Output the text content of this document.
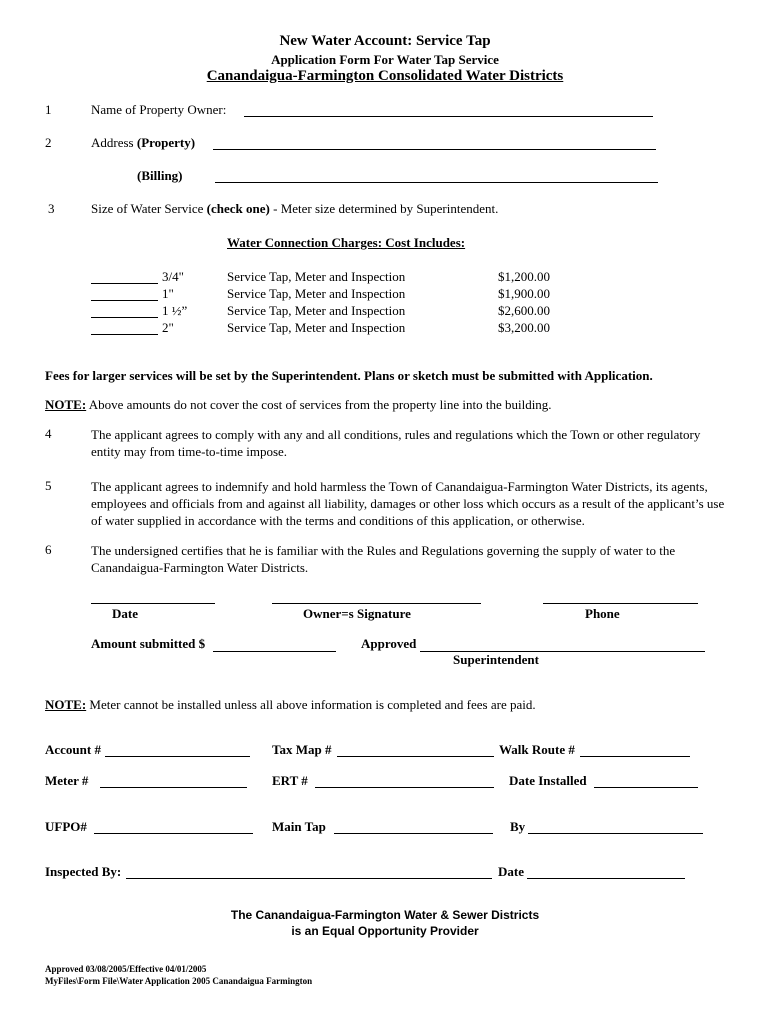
New Water Account: Service Tap
Application Form For Water Tap Service
Canandaigua-Farmington Consolidated Water Districts
1	Name of Property Owner:
2	Address (Property)
(Billing)
3	Size of Water Service (check one) - Meter size determined by Superintendent.
Water Connection Charges: Cost Includes:
3/4"	Service Tap, Meter and Inspection	$1,200.00
1"	Service Tap, Meter and Inspection	$1,900.00
1 ½”	Service Tap, Meter and Inspection	$2,600.00
2"	Service Tap, Meter and Inspection	$3,200.00
Fees for larger services will be set by the Superintendent. Plans or sketch must be submitted with Application.
NOTE: Above amounts do not cover the cost of services from the property line into the building.
4	The applicant agrees to comply with any and all conditions, rules and regulations which the Town or other regulatory entity may from time-to-time impose.
5	The applicant agrees to indemnify and hold harmless the Town of Canandaigua-Farmington Water Districts, its agents, employees and officials from and against all liability, damages or other loss which occurs as a result of the applicant’s use of water supplied in accordance with the terms and conditions of this application, or otherwise.
6	The undersigned certifies that he is familiar with the Rules and Regulations governing the supply of water to the Canandaigua-Farmington Water Districts.
Date	Owner=s Signature	Phone
Amount submitted $	Approved
Superintendent
NOTE: Meter cannot be installed unless all above information is completed and fees are paid.
Account #	Tax Map #	Walk Route #
Meter #	ERT #	Date Installed
UFPO#	Main Tap	By
Inspected By:	Date
The Canandaigua-Farmington Water & Sewer Districts
is an Equal Opportunity Provider
Approved 03/08/2005/Effective 04/01/2005
MyFiles\Form File\Water Application 2005 Canandaigua Farmington
